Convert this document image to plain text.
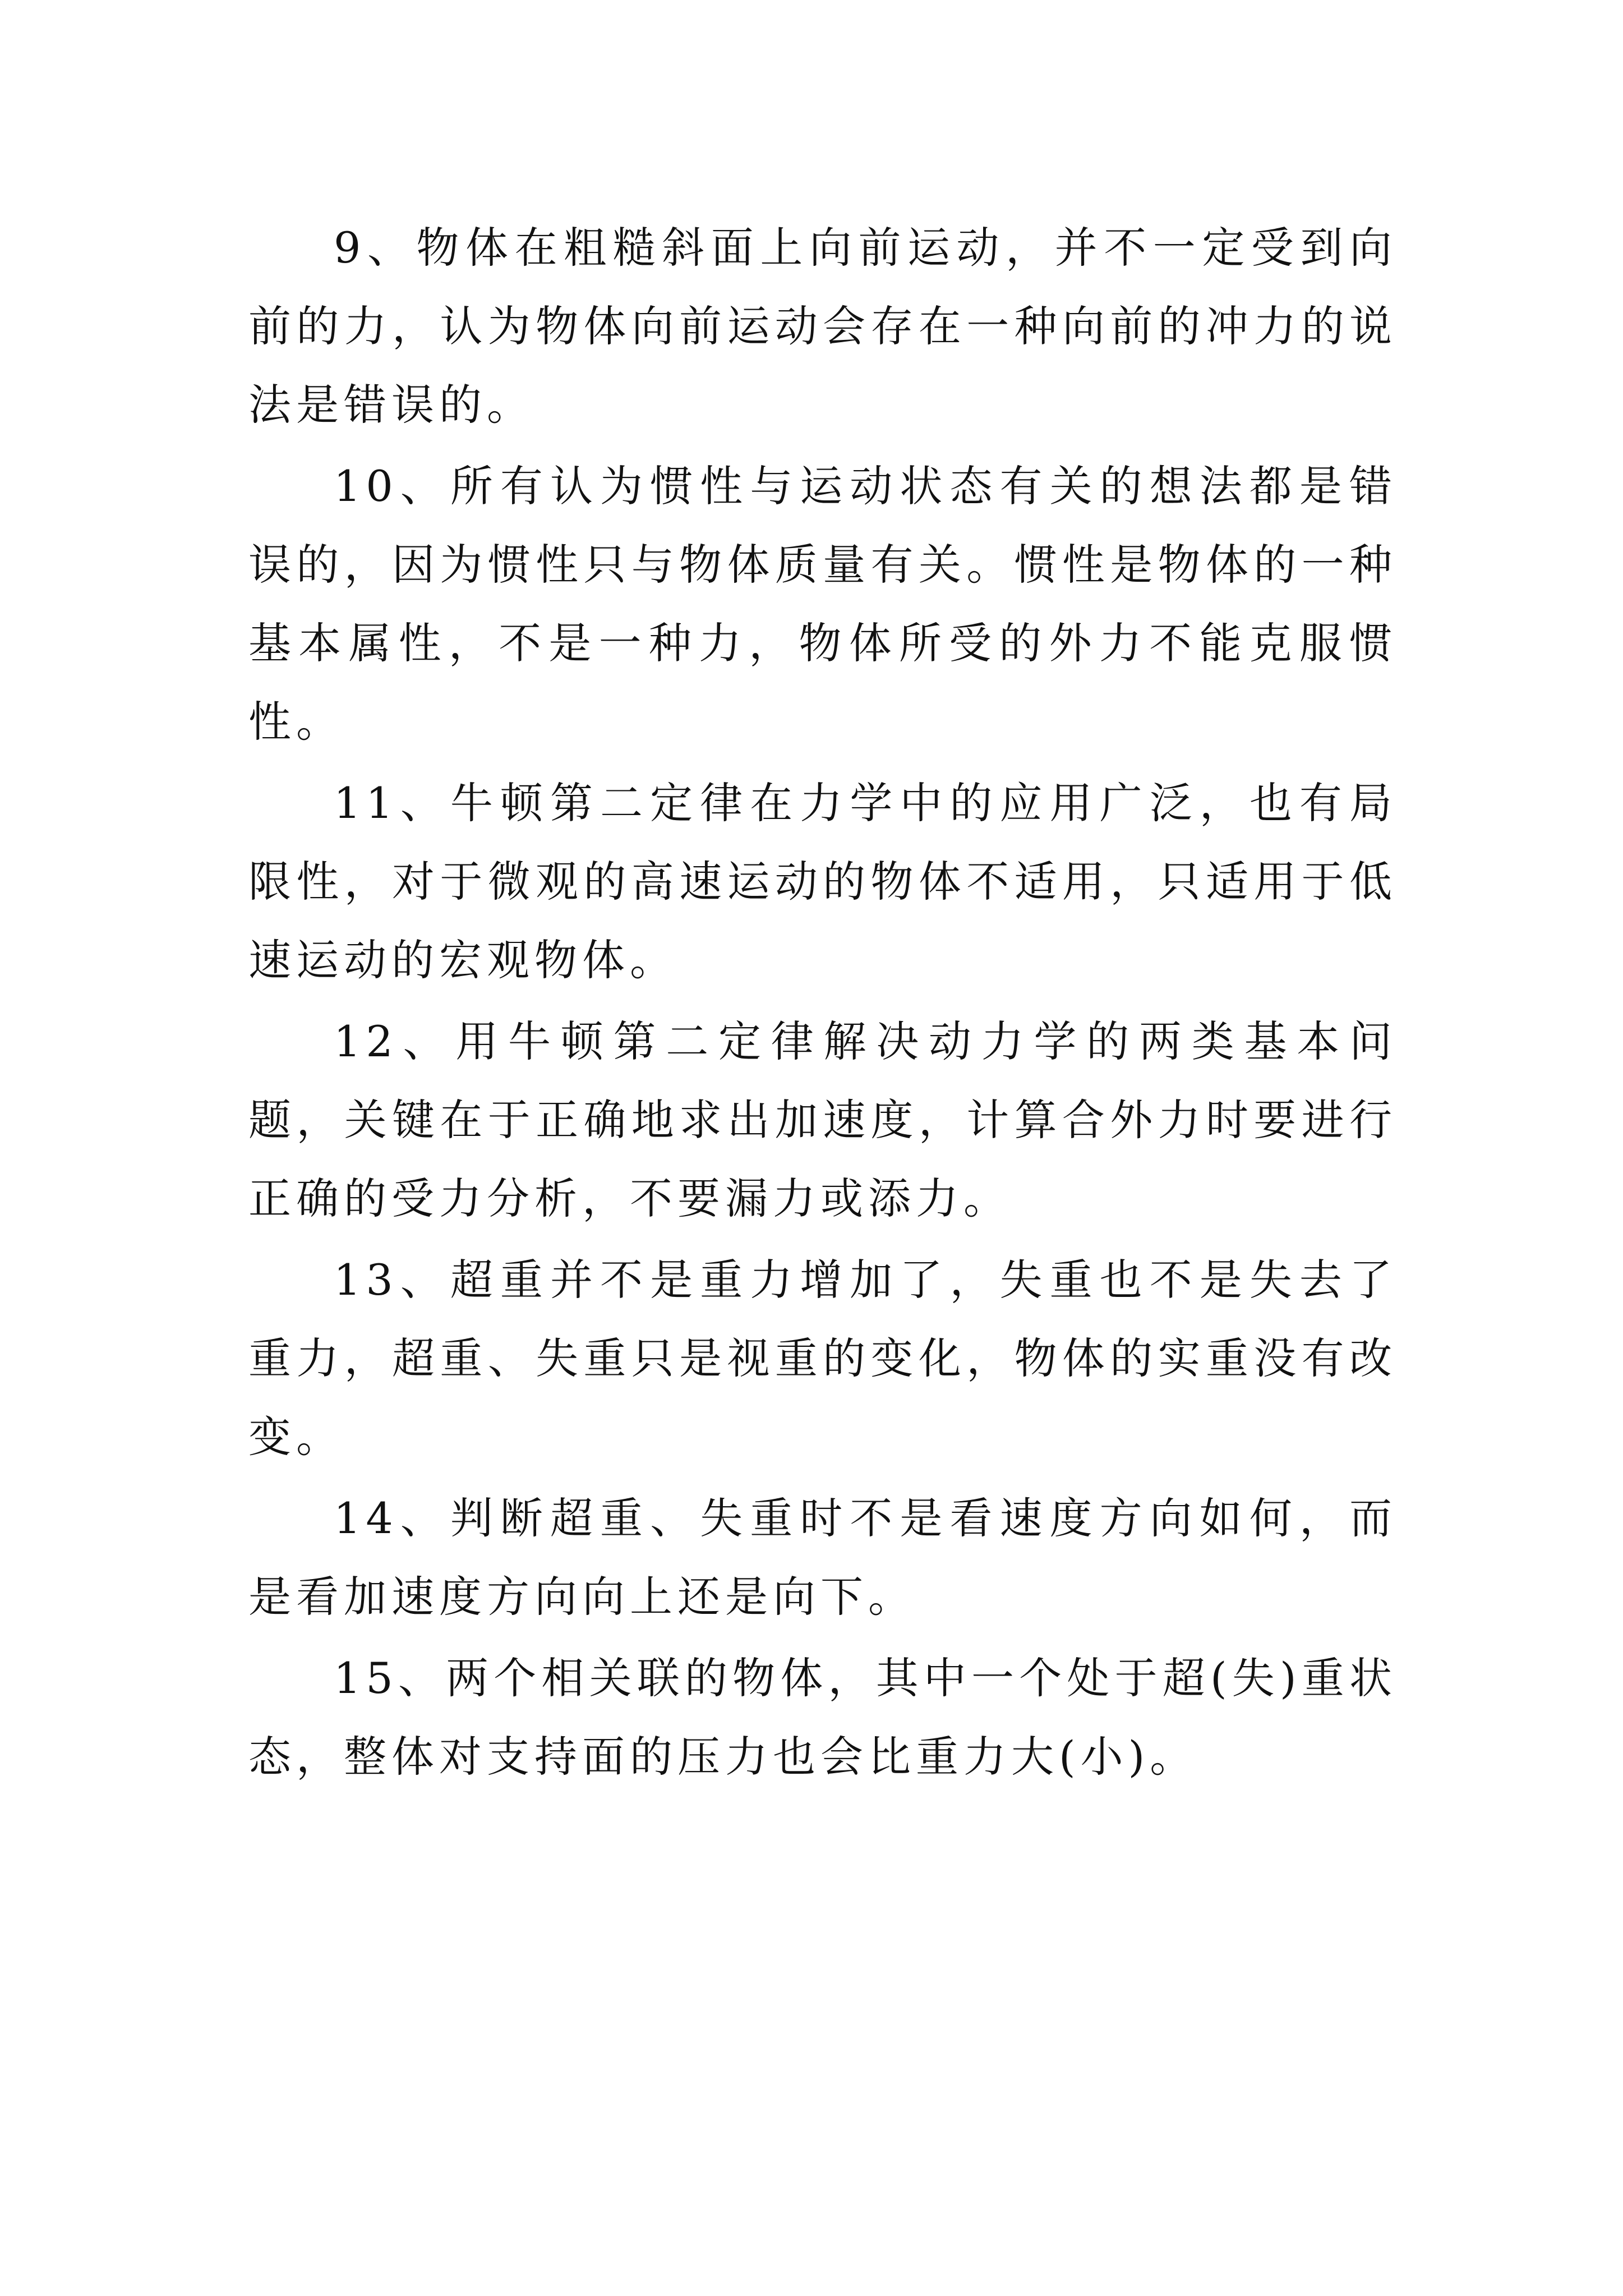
9、物体在粗糙斜面上向前运动，并不一定受到向前的力，认为物体向前运动会存在一种向前的冲力的说法是错误的。

10、所有认为惯性与运动状态有关的想法都是错误的，因为惯性只与物体质量有关。惯性是物体的一种基本属性，不是一种力，物体所受的外力不能克服惯性。

11、牛顿第二定律在力学中的应用广泛，也有局限性，对于微观的高速运动的物体不适用，只适用于低速运动的宏观物体。

12、用牛顿第二定律解决动力学的两类基本问题，关键在于正确地求出加速度，计算合外力时要进行正确的受力分析，不要漏力或添力。

13、超重并不是重力增加了，失重也不是失去了重力，超重、失重只是视重的变化，物体的实重没有改变。

14、判断超重、失重时不是看速度方向如何，而是看加速度方向向上还是向下。

15、两个相关联的物体，其中一个处于超(失)重状态，整体对支持面的压力也会比重力大(小)。
